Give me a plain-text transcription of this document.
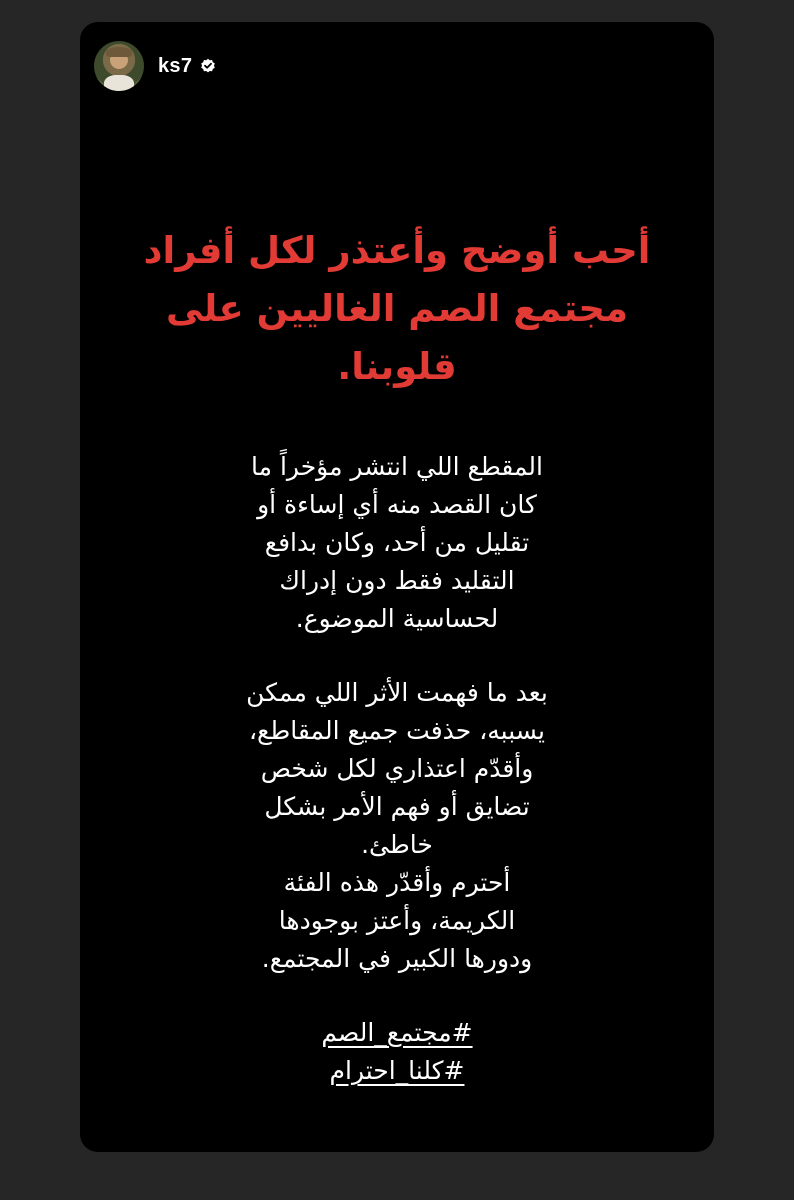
ks7

أحب أوضح وأعتذر لكل أفراد
مجتمع الصم الغاليين على
قلوبنا.

المقطع اللي انتشر مؤخراً ما
كان القصد منه أي إساءة أو
تقليل من أحد، وكان بدافع
التقليد فقط دون إدراك
لحساسية الموضوع.

بعد ما فهمت الأثر اللي ممكن
يسببه، حذفت جميع المقاطع،
وأقدّم اعتذاري لكل شخص
تضايق أو فهم الأمر بشكل
خاطئ.
أحترم وأقدّر هذه الفئة
الكريمة، وأعتز بوجودها
ودورها الكبير في المجتمع.

#مجتمع_الصم
#كلنا_احترام
